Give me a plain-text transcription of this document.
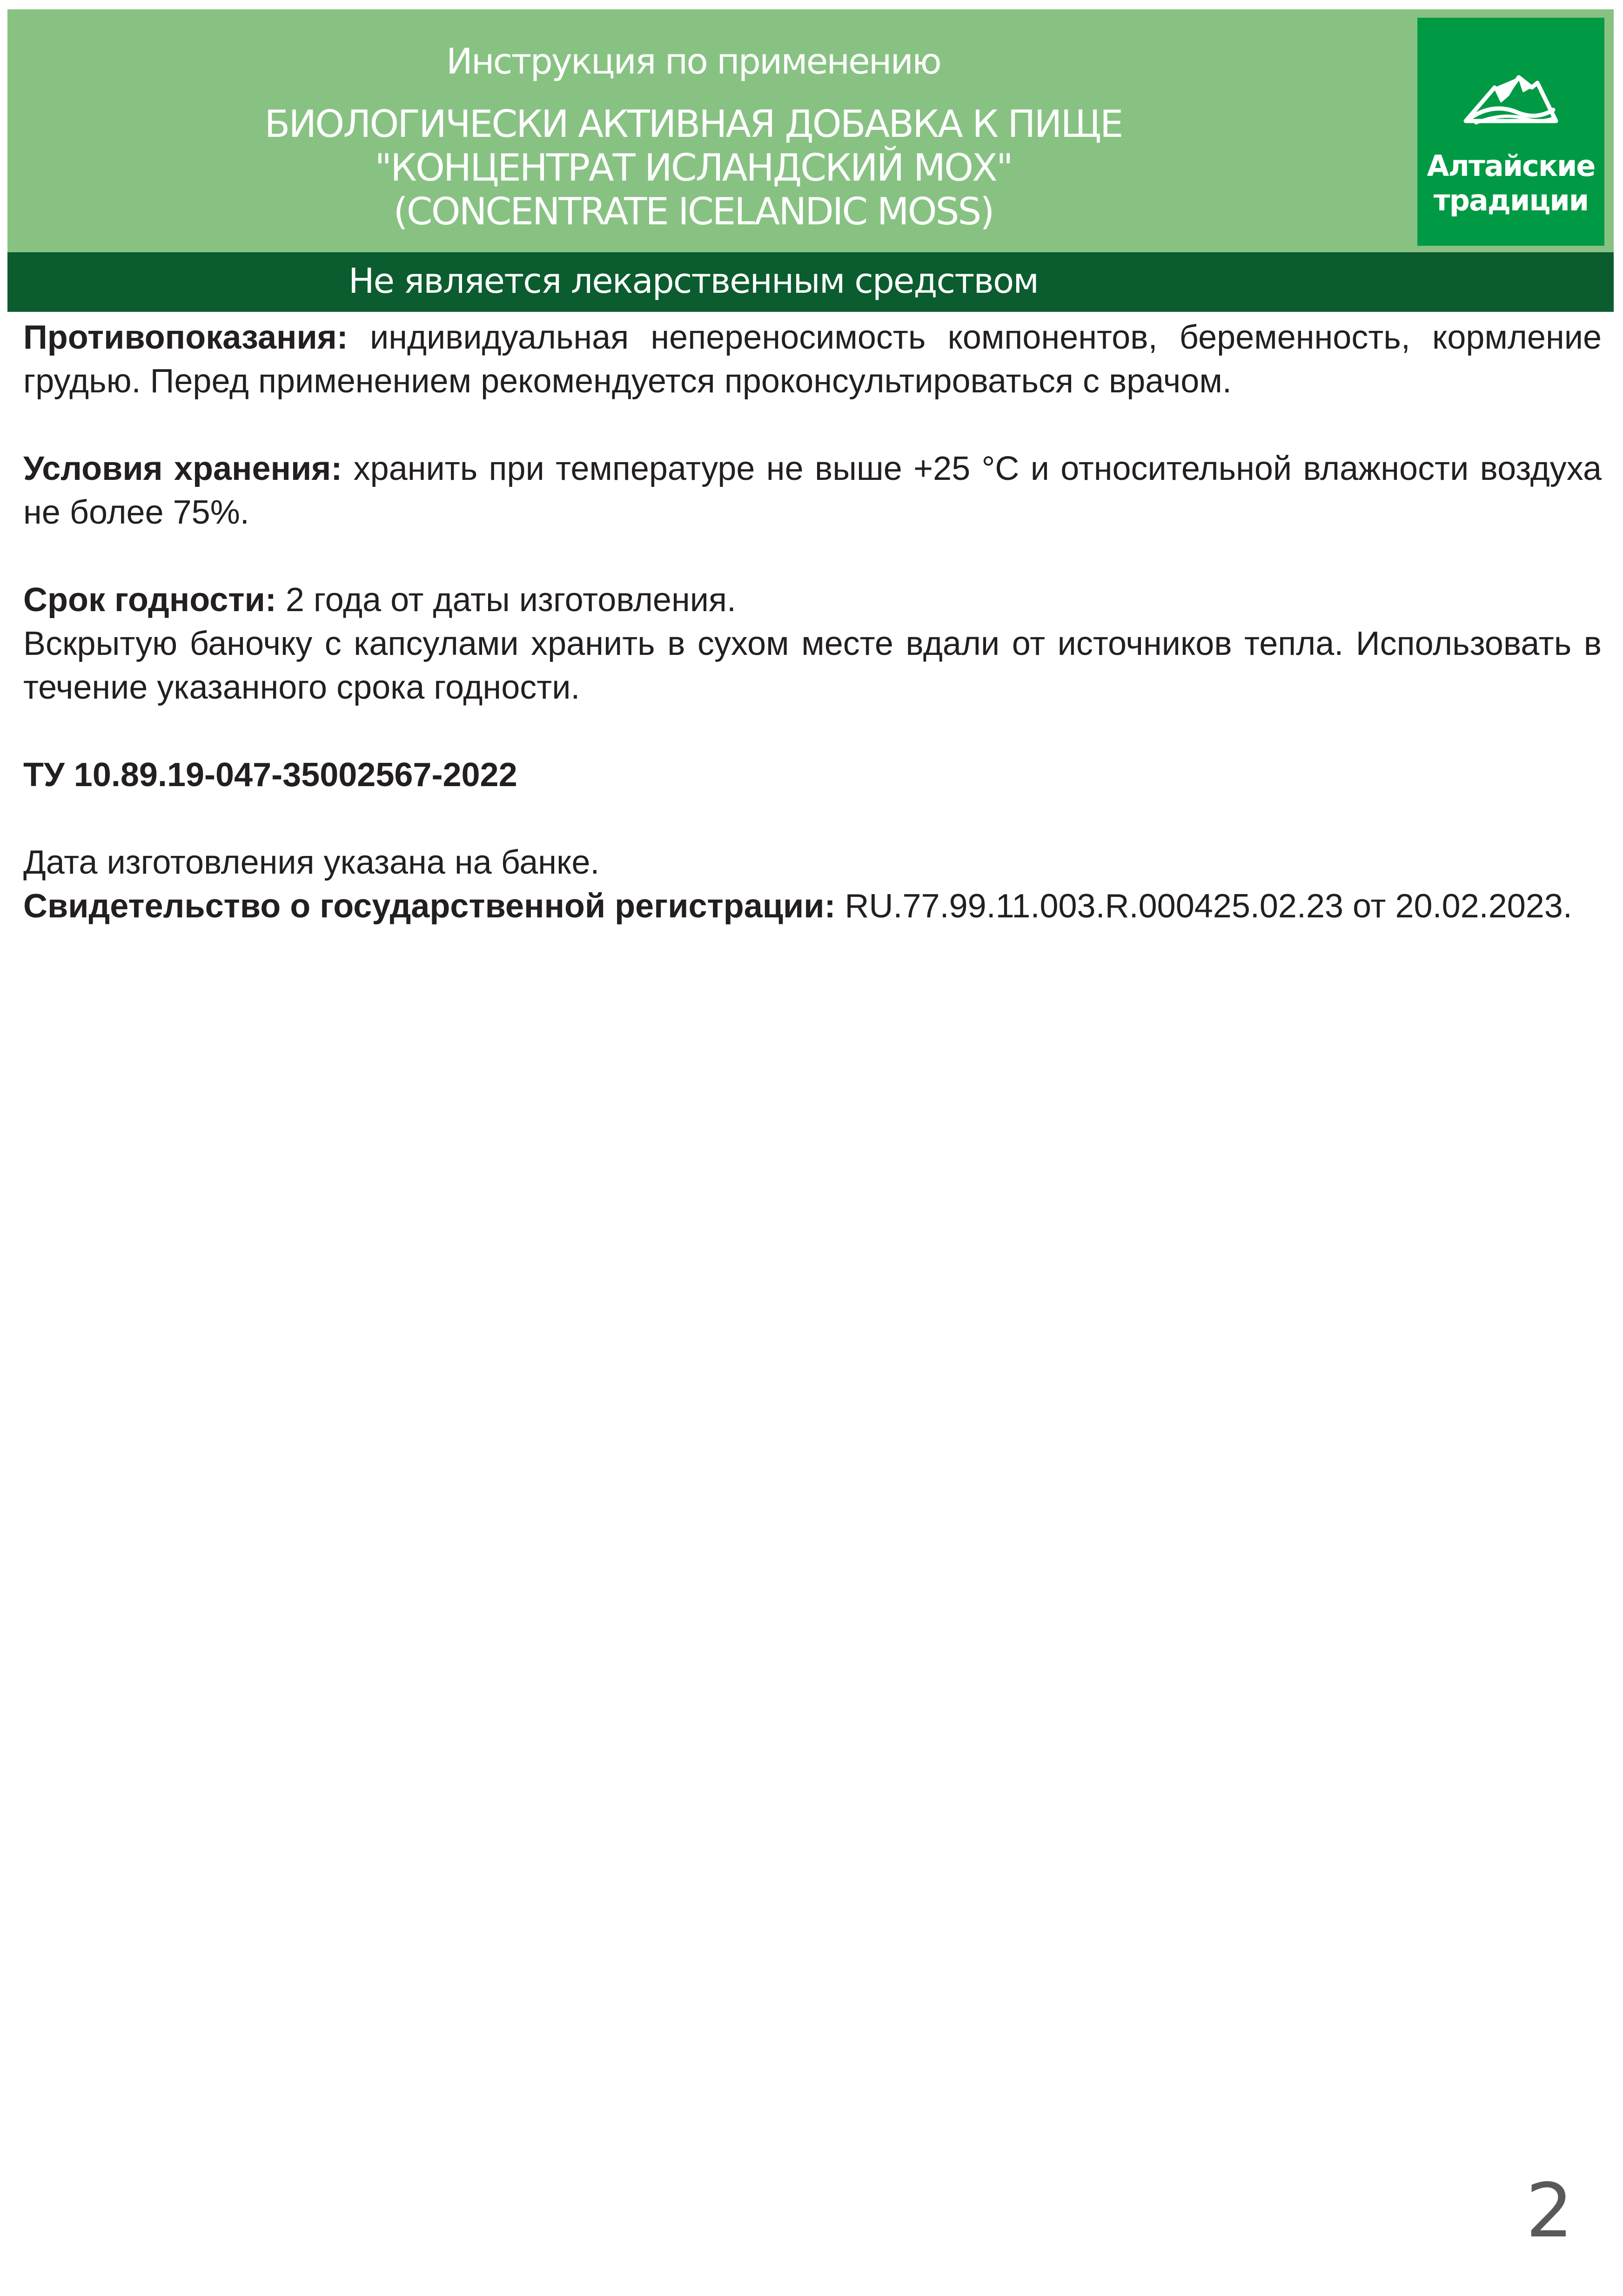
Инструкция по применению
БИОЛОГИЧЕСКИ АКТИВНАЯ ДОБАВКА К ПИЩЕ
"КОНЦЕНТРАТ ИСЛАНДСКИЙ МОХ"
(CONCENTRATE ICELANDIC MOSS)
Алтайские
традиции
Не является лекарственным средством

Противопоказания: индивидуальная непереносимость компонентов, беременность, кормление грудью. Перед применением рекомендуется проконсультироваться с врачом.

Условия хранения: хранить при температуре не выше +25 °С и относительной влажности воздуха не более 75%.

Срок годности: 2 года от даты изготовления.

Вскрытую баночку с капсулами хранить в сухом месте вдали от источников тепла. Использовать в течение указанного срока годности.

ТУ 10.89.19-047-35002567-2022

Дата изготовления указана на банке.

Свидетельство о государственной регистрации: RU.77.99.11.003.R.000425.02.23 от 20.02.2023.

2
